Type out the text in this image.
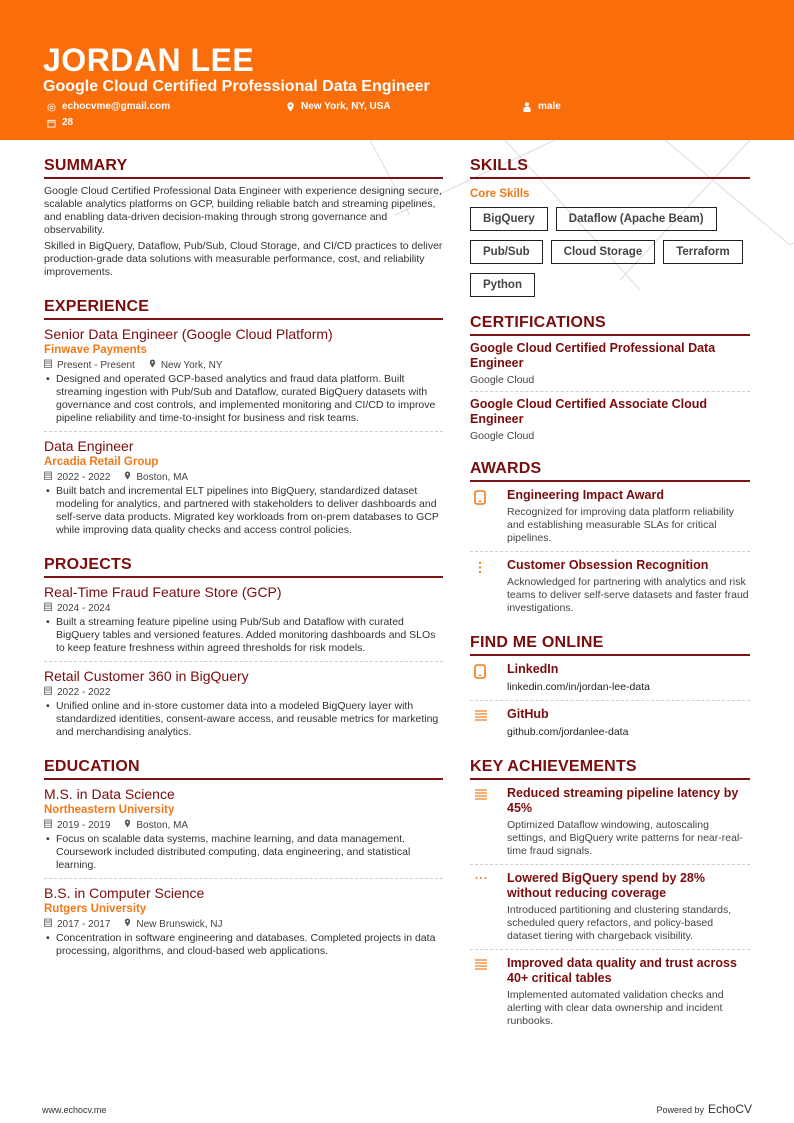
JORDAN LEE
Google Cloud Certified Professional Data Engineer
echocvme@gmail.com	New York, NY, USA	male
28
SUMMARY

Google Cloud Certified Professional Data Engineer with experience designing secure, scalable analytics platforms on GCP, building reliable batch and streaming pipelines, and enabling data-driven decision-making through strong governance and observability.

Skilled in BigQuery, Dataflow, Pub/Sub, Cloud Storage, and CI/CD practices to deliver production-grade data solutions with measurable performance, cost, and reliability improvements.

EXPERIENCE
Senior Data Engineer (Google Cloud Platform)
Finwave Payments
Present - Present	New York, NY
• Designed and operated GCP-based analytics and fraud data platform. Built streaming ingestion with Pub/Sub and Dataflow, curated BigQuery datasets with governance and cost controls, and implemented monitoring and CI/CD to improve pipeline reliability and time-to-insight for business and risk teams.
Data Engineer
Arcadia Retail Group
2022 - 2022	Boston, MA
• Built batch and incremental ELT pipelines into BigQuery, standardized dataset modeling for analytics, and partnered with stakeholders to deliver dashboards and self-serve data products. Migrated key workloads from on-prem databases to GCP while improving data quality checks and access control policies.
PROJECTS
Real-Time Fraud Feature Store (GCP)
2024 - 2024
• Built a streaming feature pipeline using Pub/Sub and Dataflow with curated BigQuery tables and versioned features. Added monitoring dashboards and SLOs to keep feature freshness within agreed thresholds for risk models.
Retail Customer 360 in BigQuery
2022 - 2022
• Unified online and in-store customer data into a modeled BigQuery layer with standardized identities, consent-aware access, and reusable metrics for marketing and merchandising analytics.
EDUCATION
M.S. in Data Science
Northeastern University
2019 - 2019	Boston, MA
• Focus on scalable data systems, machine learning, and data management. Coursework included distributed computing, data engineering, and statistical learning.
B.S. in Computer Science
Rutgers University
2017 - 2017	New Brunswick, NJ
• Concentration in software engineering and databases. Completed projects in data processing, algorithms, and cloud-based web applications.
SKILLS
Core Skills
BigQuery	Dataflow (Apache Beam)
Pub/Sub	Cloud Storage	Terraform
Python
CERTIFICATIONS
Google Cloud Certified Professional Data Engineer
Google Cloud
Google Cloud Certified Associate Cloud Engineer
Google Cloud
AWARDS
Engineering Impact Award
Recognized for improving data platform reliability and establishing measurable SLAs for critical pipelines.
Customer Obsession Recognition
Acknowledged for partnering with analytics and risk teams to deliver self-serve datasets and faster fraud investigations.
FIND ME ONLINE
LinkedIn
linkedin.com/in/jordan-lee-data
GitHub
github.com/jordanlee-data
KEY ACHIEVEMENTS
Reduced streaming pipeline latency by 45%
Optimized Dataflow windowing, autoscaling settings, and BigQuery write patterns for near-real-time fraud signals.
Lowered BigQuery spend by 28% without reducing coverage
Introduced partitioning and clustering standards, scheduled query refactors, and policy-based dataset tiering with chargeback visibility.
Improved data quality and trust across 40+ critical tables
Implemented automated validation checks and alerting with clear data ownership and incident runbooks.
www.echocv.me	Powered by EchoCV
